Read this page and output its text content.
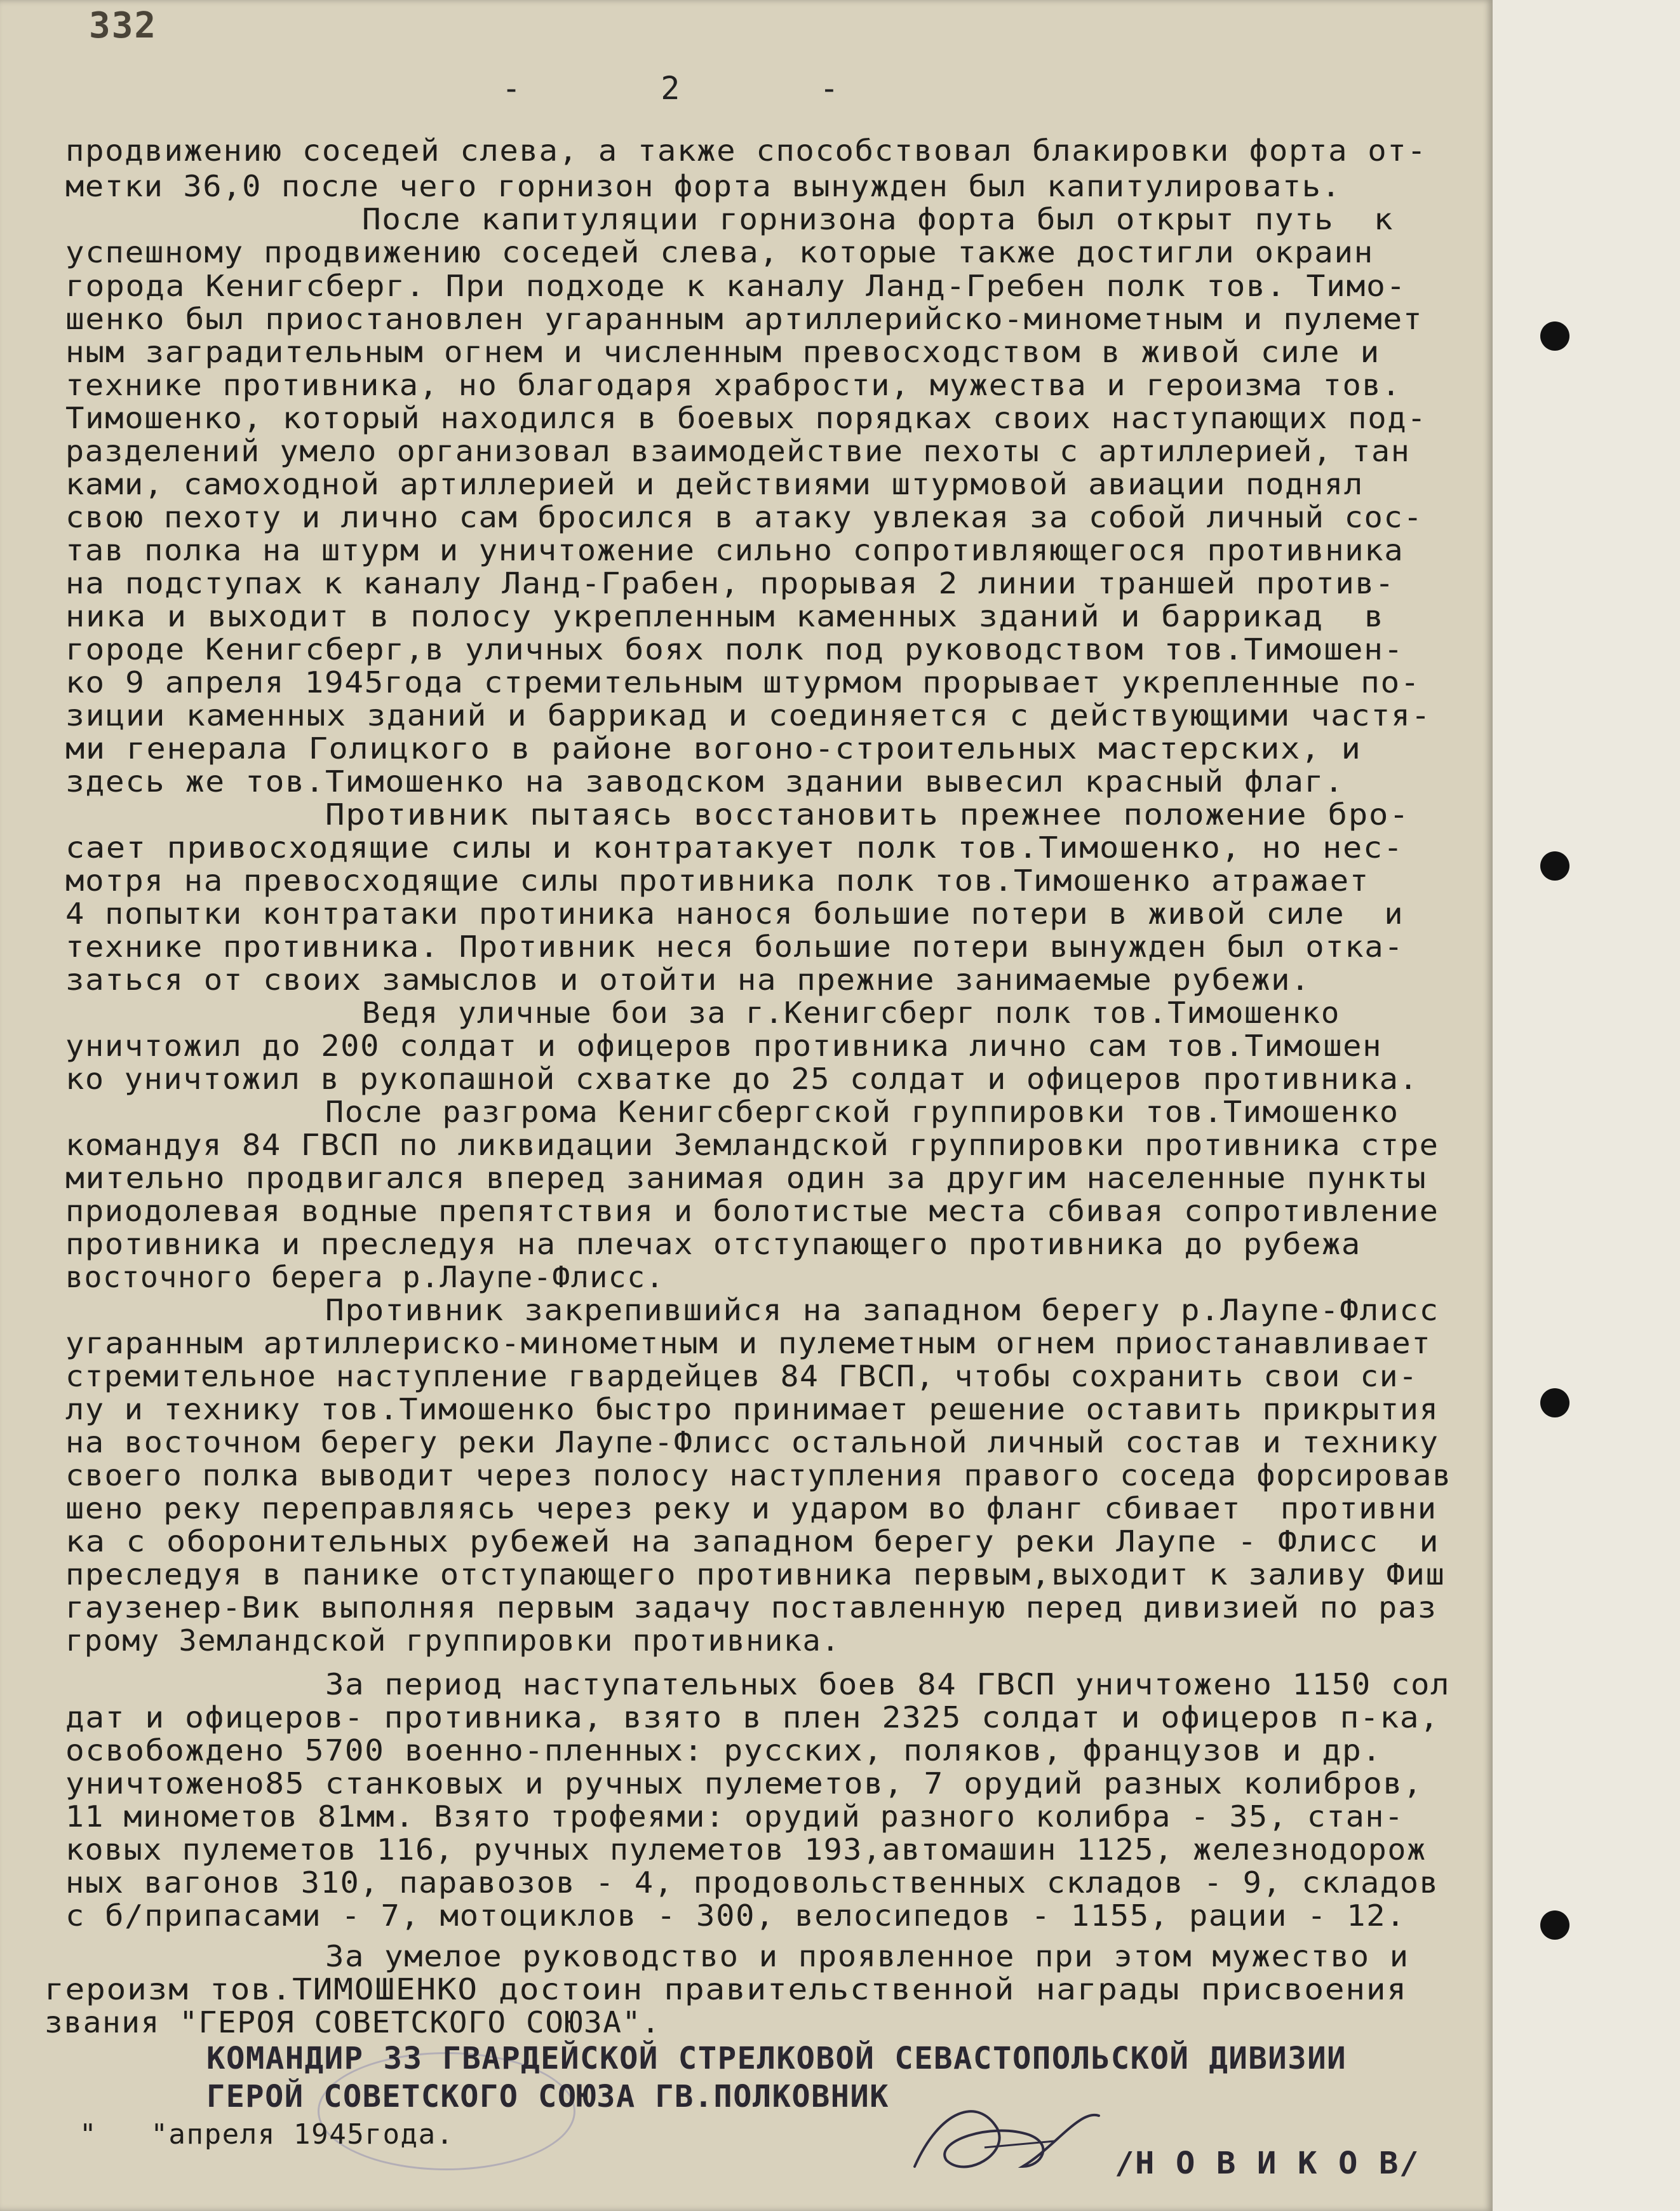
332
- 2 -
продвижению соседей слева, а также способствовал блакировки форта от-
метки 36,0 после чего горнизон форта вынужден был капитулировать.
После капитуляции горнизона форта был открыт путь  к
успешному продвижению соседей слева, которые также достигли окраин
города Кенигсберг. При подходе к каналу Ланд-Гребен полк тов. Тимо-
шенко был приостановлен угаранным артиллерийско-минометным и пулемет
ным заградительным огнем и численным превосходством в живой силе и
технике противника, но благодаря храбрости, мужества и героизма тов.
Тимошенко, который находился в боевых порядках своих наступающих под-
разделений умело организовал взаимодействие пехоты с артиллерией, тан
ками, самоходной артиллерией и действиями штурмовой авиации поднял
свою пехоту и лично сам бросился в атаку увлекая за собой личный сос-
тав полка на штурм и уничтожение сильно сопротивляющегося противника
на подступах к каналу Ланд-Грабен, прорывая 2 линии траншей против-
ника и выходит в полосу укрепленным каменных зданий и баррикад  в
городе Кенигсберг,в уличных боях полк под руководством тов.Тимошен-
ко 9 апреля 1945года стремительным штурмом прорывает укрепленные по-
зиции каменных зданий и баррикад и соединяется с действующими частя-
ми генерала Голицкого в районе вогоно-строительных мастерских, и
здесь же тов.Тимошенко на заводском здании вывесил красный флаг.
Противник пытаясь восстановить прежнее положение бро-
сает привосходящие силы и контратакует полк тов.Тимошенко, но нес-
мотря на превосходящие силы противника полк тов.Тимошенко атражает
4 попытки контратаки протиника нанося большие потери в живой силе  и
технике противника. Противник неся большие потери вынужден был отка-
заться от своих замыслов и отойти на прежние занимаемые рубежи.
Ведя уличные бои за г.Кенигсберг полк тов.Тимошенко
уничтожил до 200 солдат и офицеров противника лично сам тов.Тимошен
ко уничтожил в рукопашной схватке до 25 солдат и офицеров противника.
После разгрома Кенигсбергской группировки тов.Тимошенко
командуя 84 ГВСП по ликвидации Земландской группировки противника стре
мительно продвигался вперед занимая один за другим населенные пункты
приодолевая водные препятствия и болотистые места сбивая сопротивление
противника и преследуя на плечах отступающего противника до рубежа
восточного берега р.Лаупе-Флисс.
Противник закрепившийся на западном берегу р.Лаупе-Флисс
угаранным артиллериско-минометным и пулеметным огнем приостанавливает
стремительное наступление гвардейцев 84 ГВСП, чтобы сохранить свои си-
лу и технику тов.Тимошенко быстро принимает решение оставить прикрытия
на восточном берегу реки Лаупе-Флисс остальной личный состав и технику
своего полка выводит через полосу наступления правого соседа форсировав
шено реку переправляясь через реку и ударом во фланг сбивает  противни
ка с оборонительных рубежей на западном берегу реки Лаупе - Флисс  и
преследуя в панике отступающего противника первым,выходит к заливу Фиш
гаузенер-Вик выполняя первым задачу поставленную перед дивизией по раз
грому Земландской группировки противника.
За период наступательных боев 84 ГВСП уничтожено 1150 сол
дат и офицеров- противника, взято в плен 2325 солдат и офицеров п-ка,
освобождено 5700 военно-пленных: русских, поляков, французов и др.
уничтожено85 станковых и ручных пулеметов, 7 орудий разных колибров,
11 минометов 81мм. Взято трофеями: орудий разного колибра - 35, стан-
ковых пулеметов 116, ручных пулеметов 193,автомашин 1125, железнодорож
ных вагонов 310, паравозов - 4, продовольственных складов - 9, складов
с б/припасами - 7, мотоциклов - 300, велосипедов - 1155, рации - 12.
За умелое руководство и проявленное при этом мужество и
героизм тов.ТИМОШЕНКО достоин правительственной награды присвоения
звания "ГЕРОЯ СОВЕТСКОГО СОЮЗА".
КОМАНДИР 33 ГВАРДЕЙСКОЙ СТРЕЛКОВОЙ СЕВАСТОПОЛЬСКОЙ ДИВИЗИИ
ГЕРОЙ СОВЕТСКОГО СОЮЗА ГВ.ПОЛКОВНИК
"   "апреля 1945года.
/Н О В И К О В/
